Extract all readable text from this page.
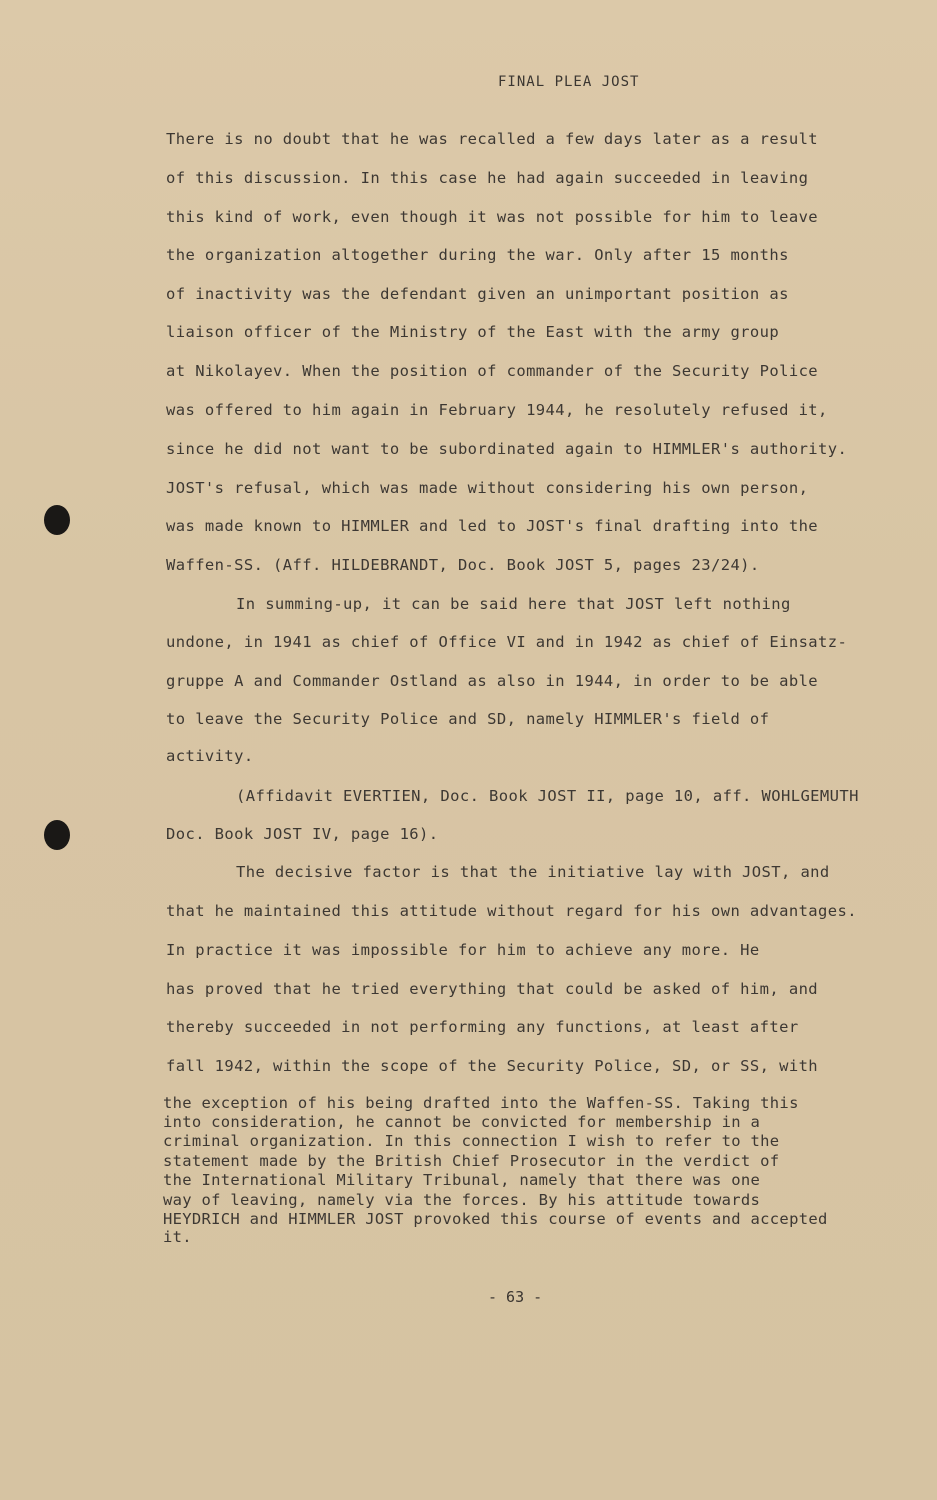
FINAL PLEA JOST
There is no doubt that he was recalled a few days later as a result
of this discussion. In this case he had again succeeded in leaving
this kind of work, even though it was not possible for him to leave
the organization altogether during the war. Only after 15 months
of inactivity was the defendant given an unimportant position as
liaison officer of the Ministry of the East with the army group
at Nikolayev. When the position of commander of the Security Police
was offered to him again in February 1944, he resolutely refused it,
since he did not want to be subordinated again to HIMMLER's authority.
JOST's refusal, which was made without considering his own person,
was made known to HIMMLER and led to JOST's final drafting into the
Waffen-SS. (Aff. HILDEBRANDT, Doc. Book JOST 5, pages 23/24).
In summing-up, it can be said here that JOST left nothing
undone, in 1941 as chief of Office VI and in 1942 as chief of Einsatz-
gruppe A and Commander Ostland as also in 1944, in order to be able
to leave the Security Police and SD, namely HIMMLER's field of
activity.
(Affidavit EVERTIEN, Doc. Book JOST II, page 10, aff. WOHLGEMUTH
Doc. Book JOST IV, page 16).
The decisive factor is that the initiative lay with JOST, and
that he maintained this attitude without regard for his own advantages.
In practice it was impossible for him to achieve any more. He
has proved that he tried everything that could be asked of him, and
thereby succeeded in not performing any functions, at least after
fall 1942, within the scope of the Security Police, SD, or SS, with
the exception of his being drafted into the Waffen-SS. Taking this
into consideration, he cannot be convicted for membership in a
criminal organization. In this connection I wish to refer to the
statement made by the British Chief Prosecutor in the verdict of
the International Military Tribunal, namely that there was one
way of leaving, namely via the forces. By his attitude towards
HEYDRICH and HIMMLER JOST provoked this course of events and accepted
it.
- 63 -
